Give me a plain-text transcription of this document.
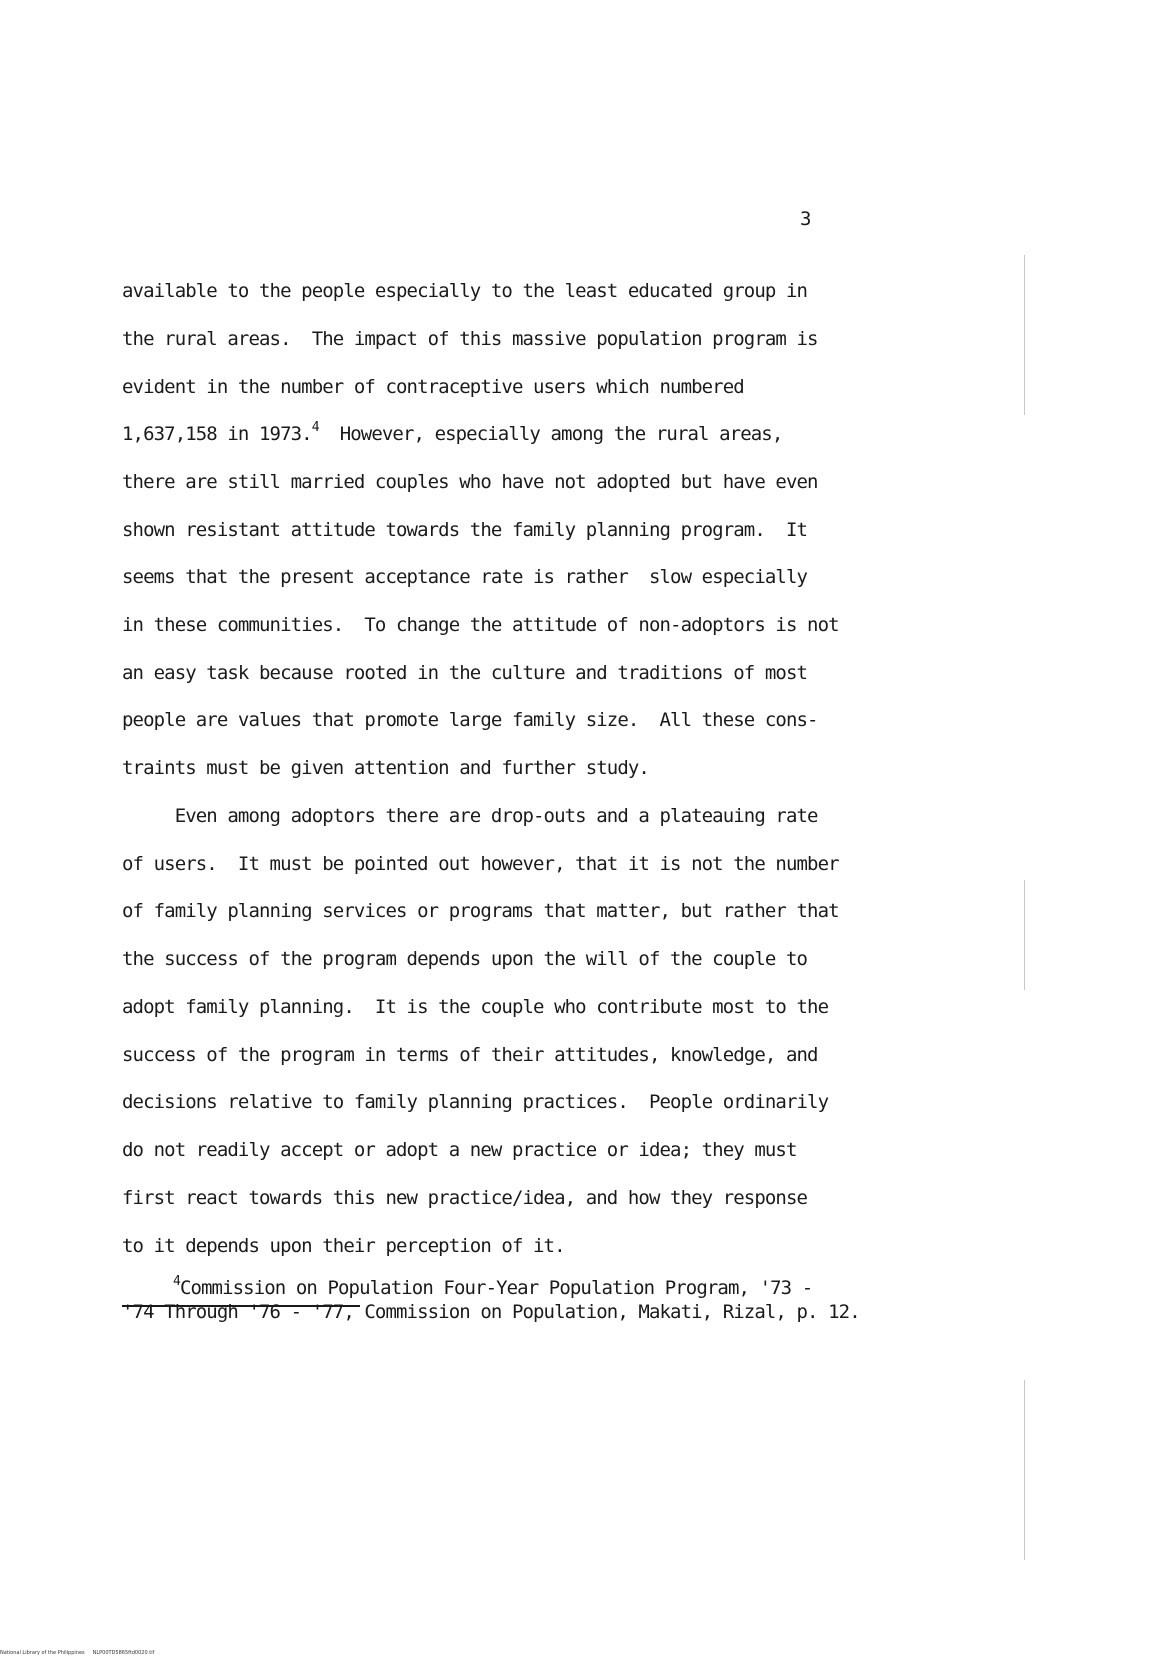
3
available to the people especially to the least educated group in
the rural areas.  The impact of this massive population program is
evident in the number of contraceptive users which numbered
1,637,158 in 1973.$^4$  However, especially among the rural areas,
there are still married couples who have not adopted but have even
shown resistant attitude towards the family planning program.  It
seems that the present acceptance rate is rather  slow especially
in these communities.  To change the attitude of non-adoptors is not
an easy task because rooted in the culture and traditions of most
people are values that promote large family size.  All these cons-
traints must be given attention and further study.
Even among adoptors there are drop-outs and a plateauing rate
of users.  It must be pointed out however, that it is not the number
of family planning services or programs that matter, but rather that
the success of the program depends upon the will of the couple to
adopt family planning.  It is the couple who contribute most to the
success of the program in terms of their attitudes, knowledge, and
decisions relative to family planning practices.  People ordinarily
do not readily accept or adopt a new practice or idea; they must
first react towards this new practice/idea, and how they response
to it depends upon their perception of it.
$^4$Commission on Population Four-Year Population Program, '73 -
'74 Through '76 - '77, Commission on Population, Makati, Rizal, p. 12.
National Library of the Philippines NLP00TD5865ftd0020.tif
